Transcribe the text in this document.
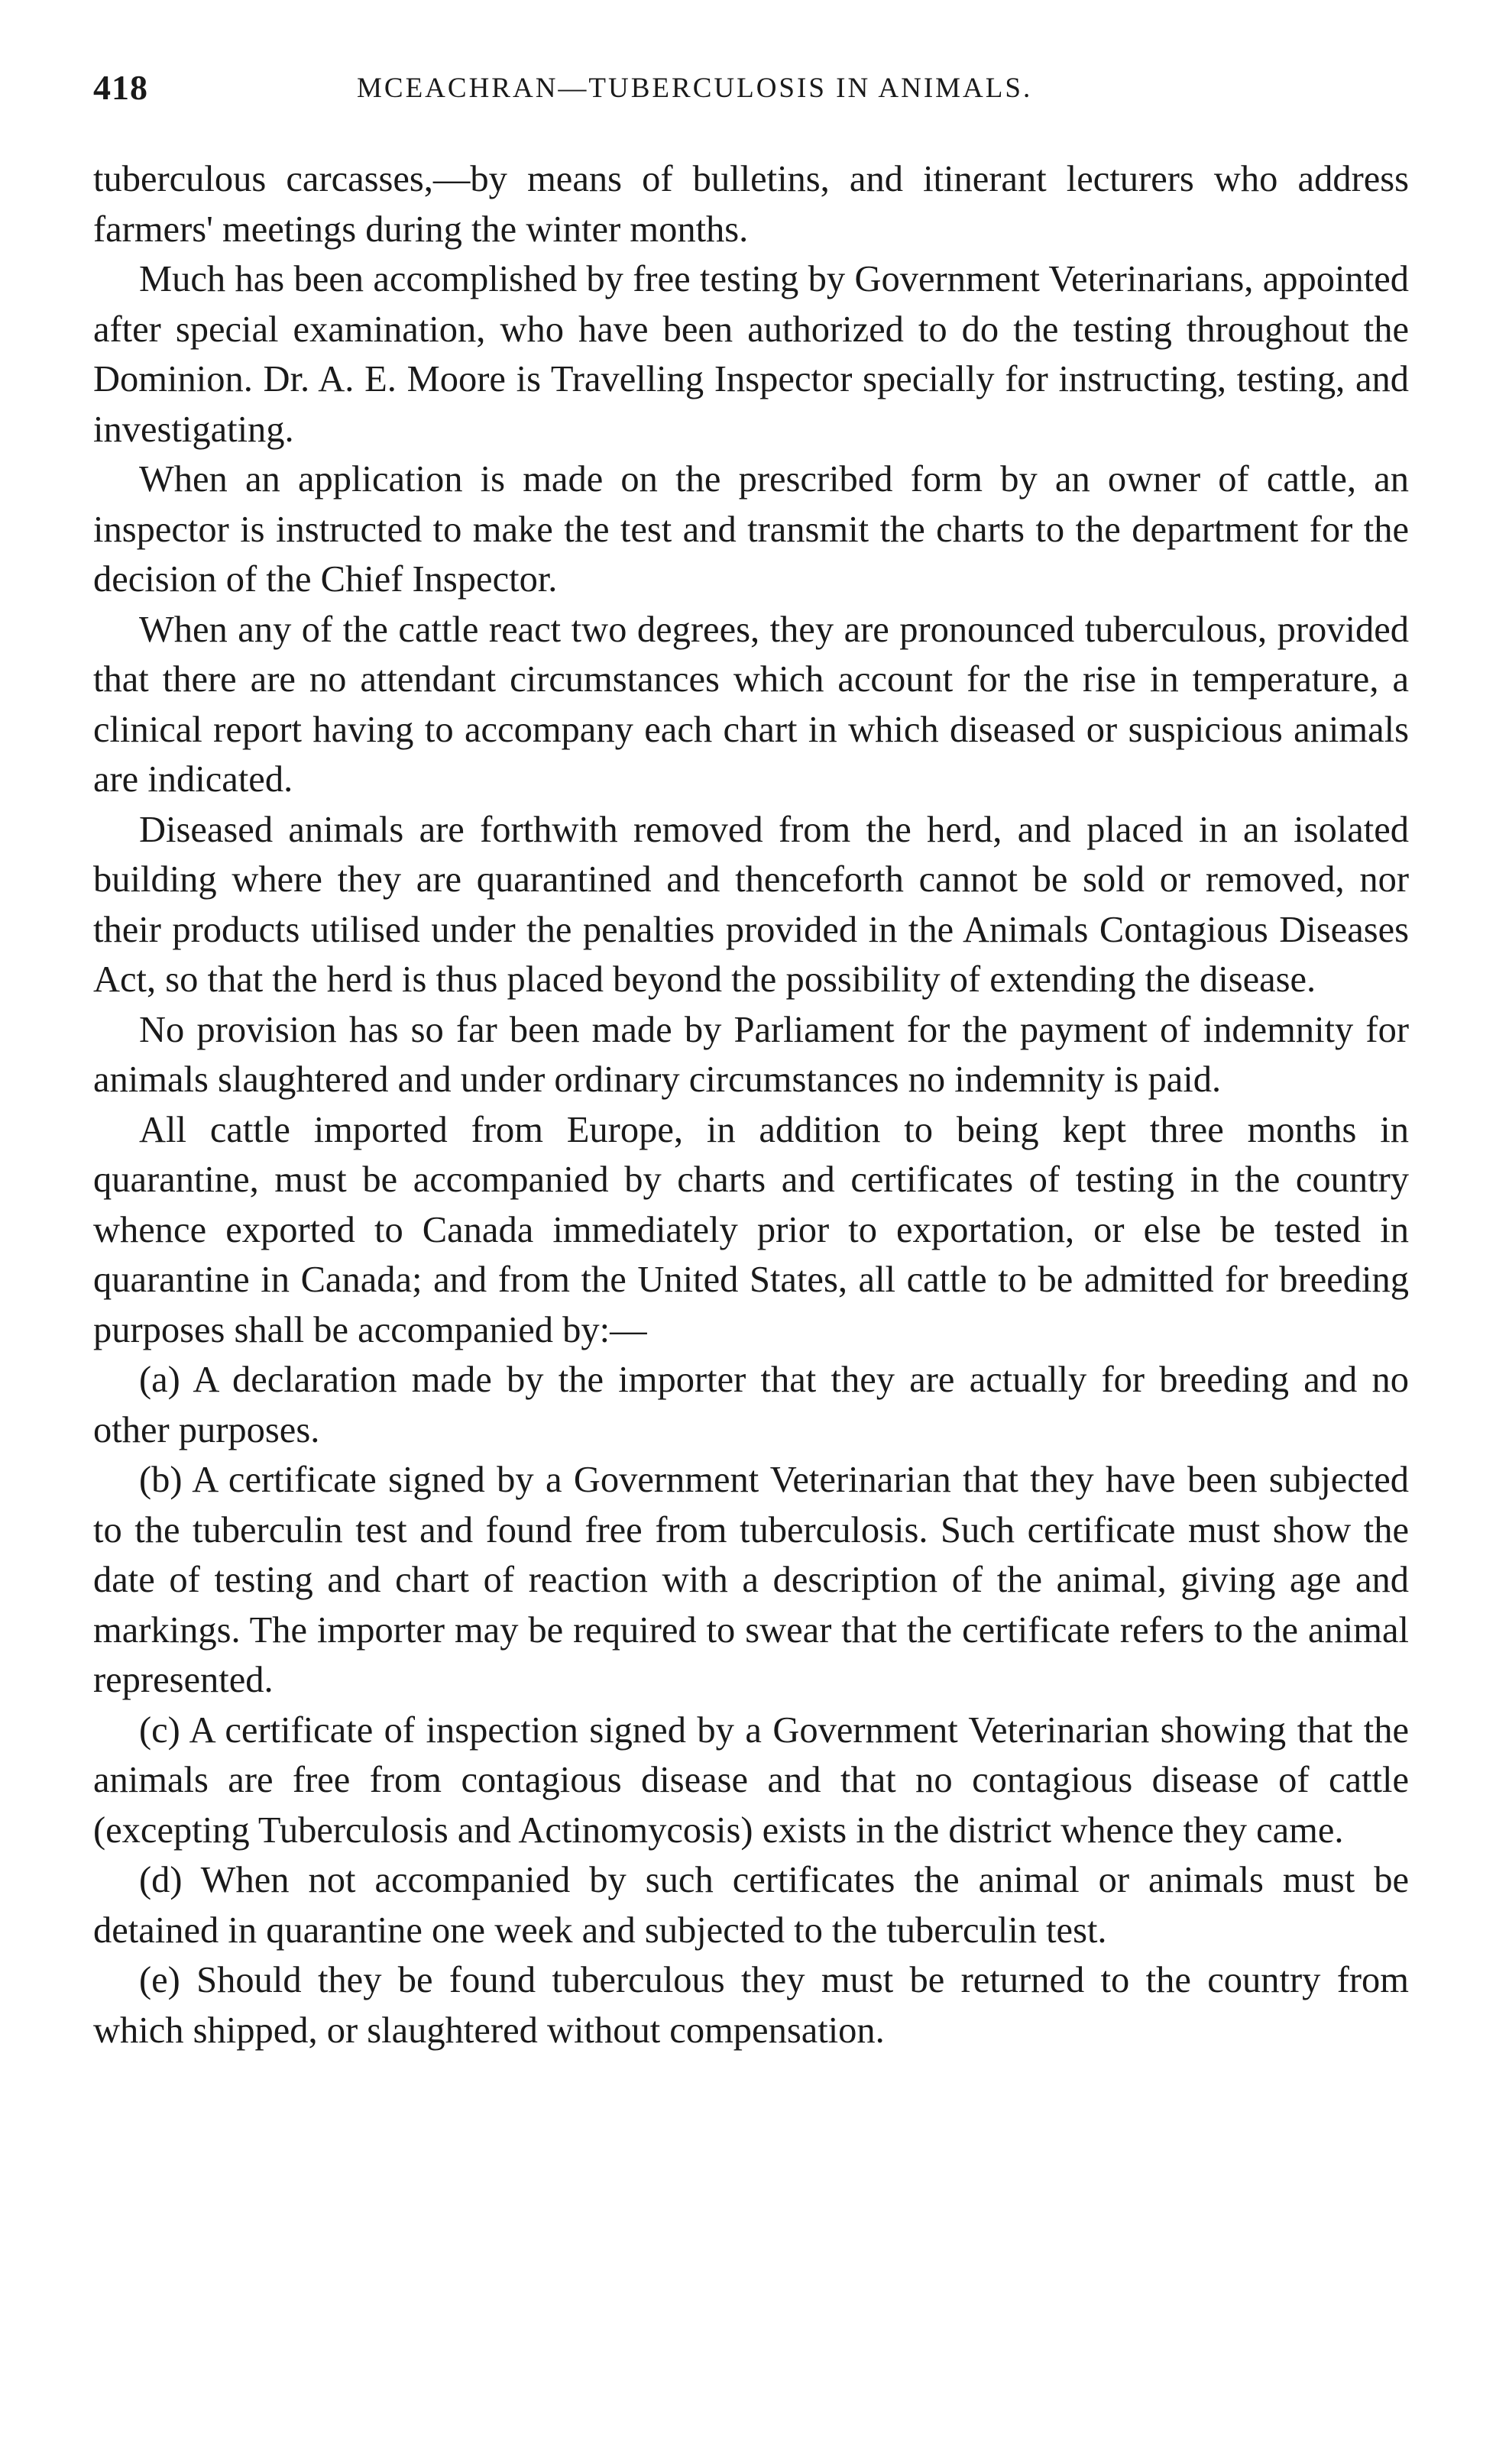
418	MCEACHRAN—TUBERCULOSIS IN ANIMALS.

tuberculous carcasses,—by means of bulletins, and itinerant lecturers who address farmers' meetings during the winter months.

Much has been accomplished by free testing by Government Veterinarians, appointed after special examination, who have been authorized to do the testing throughout the Dominion. Dr. A. E. Moore is Travelling Inspector specially for instructing, testing, and investigating.

When an application is made on the prescribed form by an owner of cattle, an inspector is instructed to make the test and transmit the charts to the department for the decision of the Chief Inspector.

When any of the cattle react two degrees, they are pronounced tuberculous, provided that there are no attendant circumstances which account for the rise in temperature, a clinical report having to accompany each chart in which diseased or suspicious animals are indicated.

Diseased animals are forthwith removed from the herd, and placed in an isolated building where they are quarantined and thenceforth cannot be sold or removed, nor their products utilised under the penalties provided in the Animals Contagious Diseases Act, so that the herd is thus placed beyond the possibility of extending the disease.

No provision has so far been made by Parliament for the payment of indemnity for animals slaughtered and under ordinary circumstances no indemnity is paid.

All cattle imported from Europe, in addition to being kept three months in quarantine, must be accompanied by charts and certificates of testing in the country whence exported to Canada immediately prior to exportation, or else be tested in quarantine in Canada; and from the United States, all cattle to be admitted for breeding purposes shall be accompanied by:—

(a) A declaration made by the importer that they are actually for breeding and no other purposes.

(b) A certificate signed by a Government Veterinarian that they have been subjected to the tuberculin test and found free from tuberculosis. Such certificate must show the date of testing and chart of reaction with a description of the animal, giving age and markings. The importer may be required to swear that the certificate refers to the animal represented.

(c) A certificate of inspection signed by a Government Veterinarian showing that the animals are free from contagious disease and that no contagious disease of cattle (excepting Tuberculosis and Actinomycosis) exists in the district whence they came.

(d) When not accompanied by such certificates the animal or animals must be detained in quarantine one week and subjected to the tuberculin test.

(e) Should they be found tuberculous they must be returned to the country from which shipped, or slaughtered without compensation.
